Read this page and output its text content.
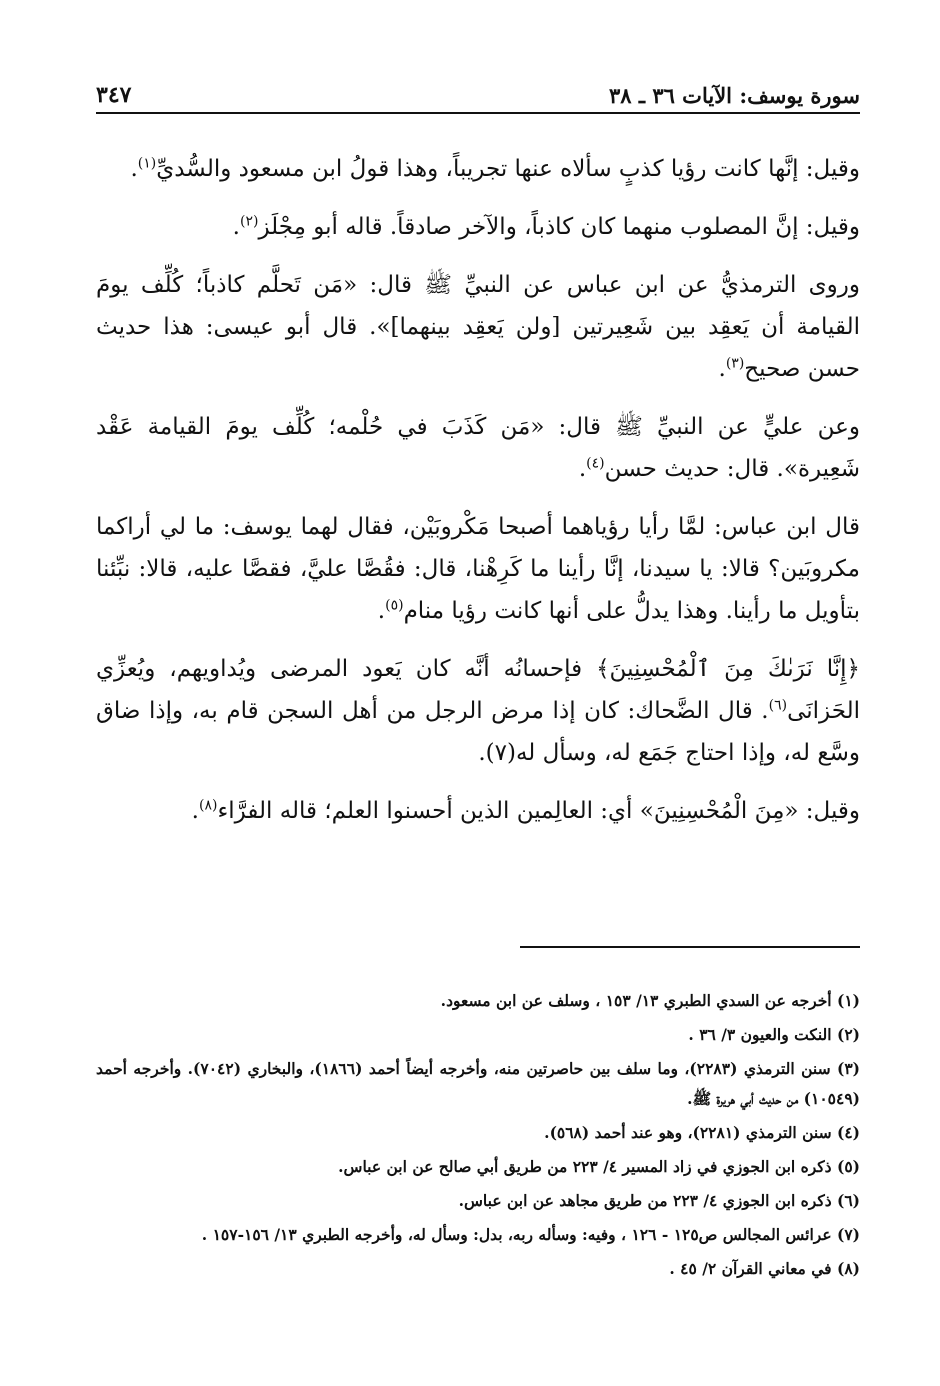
سورة يوسف: الآيات ٣٦ ـ ٣٨
٣٤٧

وقيل: إنَّها كانت رؤيا كذبٍ سألاه عنها تجريباً، وهذا قولُ ابن مسعود والسُّديِّ$^{(١)}$.

وقيل: إنَّ المصلوب منهما كان كاذباً، والآخر صادقاً. قاله أبو مِجْلَز$^{(٢)}$.

وروى الترمذيُّ عن ابن عباس عن النبيِّ ﷺ قال: «مَن تَحلَّم كاذباً؛ كُلِّف يومَ القيامة أن يَعقِد بين شَعِيرتين [ولن يَعقِد بينهما]». قال أبو عيسى: هذا حديث حسن صحيح$^{(٣)}$.

وعن عليٍّ عن النبيِّ ﷺ قال: «مَن كَذَبَ في حُلْمه؛ كُلِّف يومَ القيامة عَقْد شَعِيرة». قال: حديث حسن$^{(٤)}$.

قال ابن عباس: لمَّا رأيا رؤياهما أصبحا مَكْروبَيْن، فقال لهما يوسف: ما لي أراكما مكروبَين؟ قالا: يا سيدنا، إنَّا رأينا ما كَرِهْنا، قال: فقُصَّا عليَّ، فقصَّا عليه، قالا: نبِّئنا بتأويل ما رأينا. وهذا يدلُّ على أنها كانت رؤيا منام$^{(٥)}$.

﴿إِنَّا نَرَىٰكَ مِنَ ٱلْمُحْسِنِينَ﴾ فإحسانُه أنَّه كان يَعود المرضى ويُداويهم، ويُعزِّي الحَزانَى$^{(٦)}$. قال الضَّحاك: كان إذا مرض الرجل من أهل السجن قام به، وإذا ضاق وسَّع له، وإذا احتاج جَمَع له، وسأل له(٧).

وقيل: «مِنَ الْمُحْسِنِينَ» أي: العالِمين الذين أحسنوا العلم؛ قاله الفرَّاء$^{(٨)}$.

(١) أخرجه عن السدي الطبري ١٣/ ١٥٣ ، وسلف عن ابن مسعود.
(٢) النكت والعيون ٣/ ٣٦ .
(٣) سنن الترمذي (٢٢٨٣)، وما سلف بين حاصرتين منه، وأخرجه أيضاً أحمد (١٨٦٦)، والبخاري (٧٠٤٢). وأخرجه أحمد (١٠٥٤٩) من حديث أبي هريرة ﷺ.
(٤) سنن الترمذي (٢٢٨١)، وهو عند أحمد (٥٦٨).
(٥) ذكره ابن الجوزي في زاد المسير ٤/ ٢٢٣ من طريق أبي صالح عن ابن عباس.
(٦) ذكره ابن الجوزي ٤/ ٢٢٣ من طريق مجاهد عن ابن عباس.
(٧) عرائس المجالس ص١٢٥ - ١٢٦ ، وفيه: وسأله ربه، بدل: وسأل له، وأخرجه الطبري ١٣/ ١٥٦-١٥٧ .
(٨) في معاني القرآن ٢/ ٤٥ .
